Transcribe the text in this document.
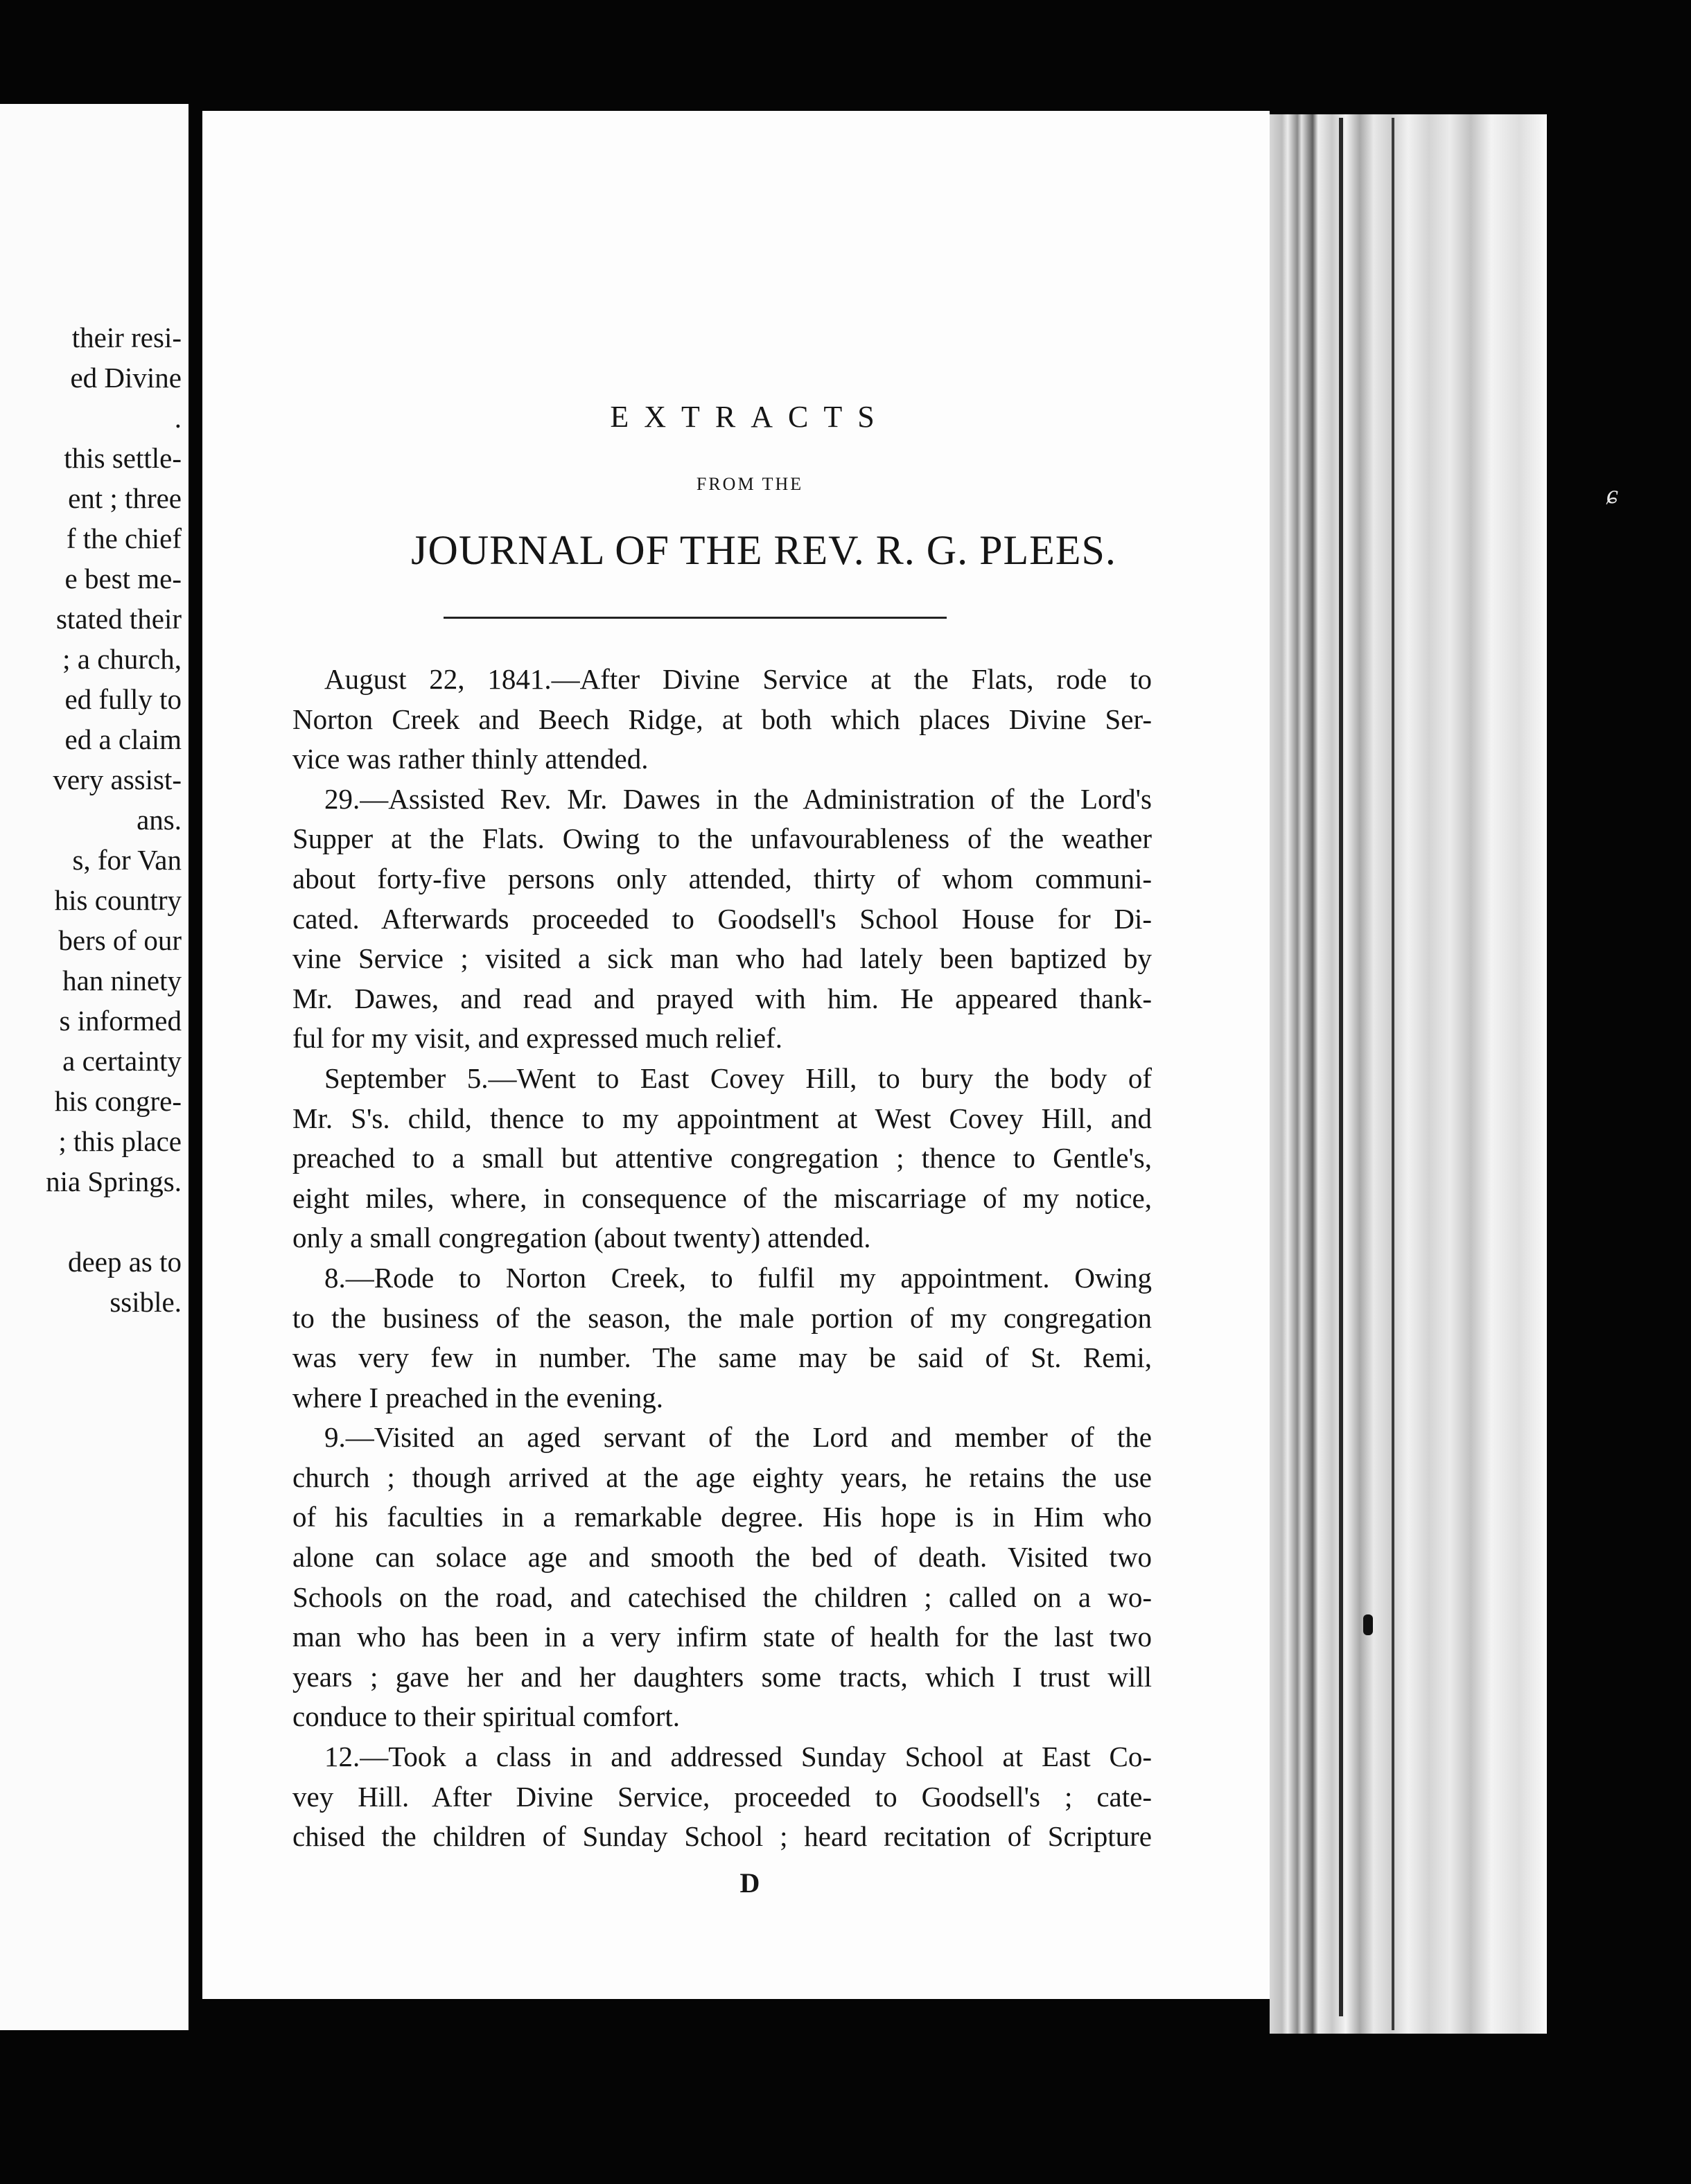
their resi-
ed Divine
.
this settle-
ent ; three
f the chief
e best me-
stated their
; a church,
ed fully to
ed a claim
very assist-
ans.
s, for Van
his country
bers of our
han ninety
s informed
a certainty
his congre-
; this place
nia Springs.
deep as to
ssible.
ɕ
EXTRACTS
FROM THE
JOURNAL OF THE REV. R. G. PLEES.
August 22, 1841.—After Divine Service at the Flats, rode to
Norton Creek and Beech Ridge, at both which places Divine Ser-
vice was rather thinly attended.
29.—Assisted Rev. Mr. Dawes in the Administration of the Lord's
Supper at the Flats. Owing to the unfavourableness of the weather
about forty-five persons only attended, thirty of whom communi-
cated. Afterwards proceeded to Goodsell's School House for Di-
vine Service ; visited a sick man who had lately been baptized by
Mr. Dawes, and read and prayed with him. He appeared thank-
ful for my visit, and expressed much relief.
September 5.—Went to East Covey Hill, to bury the body of
Mr. S's. child, thence to my appointment at West Covey Hill, and
preached to a small but attentive congregation ; thence to Gentle's,
eight miles, where, in consequence of the miscarriage of my notice,
only a small congregation (about twenty) attended.
8.—Rode to Norton Creek, to fulfil my appointment. Owing
to the business of the season, the male portion of my congregation
was very few in number. The same may be said of St. Remi,
where I preached in the evening.
9.—Visited an aged servant of the Lord and member of the
church ; though arrived at the age eighty years, he retains the use
of his faculties in a remarkable degree. His hope is in Him who
alone can solace age and smooth the bed of death. Visited two
Schools on the road, and catechised the children ; called on a wo-
man who has been in a very infirm state of health for the last two
years ; gave her and her daughters some tracts, which I trust will
conduce to their spiritual comfort.
12.—Took a class in and addressed Sunday School at East Co-
vey Hill. After Divine Service, proceeded to Goodsell's ; cate-
chised the children of Sunday School ; heard recitation of Scripture
D
